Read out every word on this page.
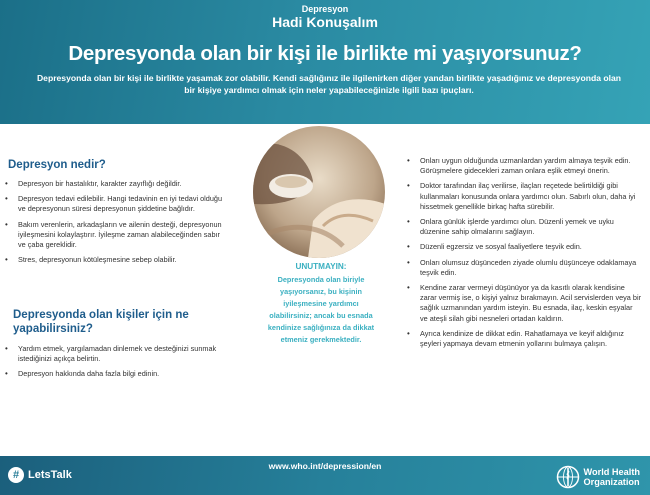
Depresyon
Hadi Konuşalım
Depresyonda olan bir kişi ile birlikte mi yaşıyorsunuz?
Depresyonda olan bir kişi ile birlikte yaşamak zor olabilir. Kendi sağlığınız ile ilgilenirken diğer yandan birlikte yaşadığınız ve depresyonda olan bir kişiye yardımcı olmak için neler yapabileceğinizle ilgili bazı ipuçları.
Depresyon nedir?
• Depresyon bir hastalıktır, karakter zayıflığı değildir.
• Depresyon tedavi edilebilir. Hangi tedavinin en iyi tedavi olduğu ve depresyonun süresi depresyonun şiddetine bağlıdır.
• Bakım verenlerin, arkadaşların ve ailenin desteği, depresyonun iyileşmesini kolaylaştırır. İyileşme zaman alabileceğinden sabır ve çaba gereklidir.
• Stres, depresyonun kötüleşmesine sebep olabilir.
Depresyonda olan kişiler için ne yapabilirsiniz?
• Yardım etmek, yargılamadan dinlemek ve desteğinizi sunmak istediğinizi açıkça belirtin.
• Depresyon hakkında daha fazla bilgi edinin.
UNUTMAYIN:
Depresyonda olan biriyle yaşıyorsanız, bu kişinin iyileşmesine yardımcı olabilirsiniz; ancak bu esnada kendinize sağlığınıza da dikkat etmeniz gerekmektedir.
• Onları uygun olduğunda uzmanlardan yardım almaya teşvik edin. Görüşmelere gidecekleri zaman onlara eşlik etmeyi önerin.
• Doktor tarafından ilaç verilirse, ilaçları reçetede belirtildiği gibi kullanmaları konusunda onlara yardımcı olun. Sabırlı olun, daha iyi hissetmek genellikle birkaç hafta sürebilir.
• Onlara günlük işlerde yardımcı olun. Düzenli yemek ve uyku düzenine sahip olmalarını sağlayın.
• Düzenli egzersiz ve sosyal faaliyetlere teşvik edin.
• Onları olumsuz düşünceden ziyade olumlu düşünceye odaklamaya teşvik edin.
• Kendine zarar vermeyi düşünüyor ya da kasıtlı olarak kendisine zarar vermiş ise, o kişiyi yalnız bırakmayın. Acil servislerden veya bir sağlık uzmanından yardım isteyin. Bu esnada, ilaç, keskin eşyalar ve ateşli silah gibi nesneleri ortadan kaldırın.
• Ayrıca kendinize de dikkat edin. Rahatlamaya ve keyif aldığınız şeyleri yapmaya devam etmenin yollarını bulmaya çalışın.
www.who.int/depression/en
# LetsTalk	World Health
Organization
